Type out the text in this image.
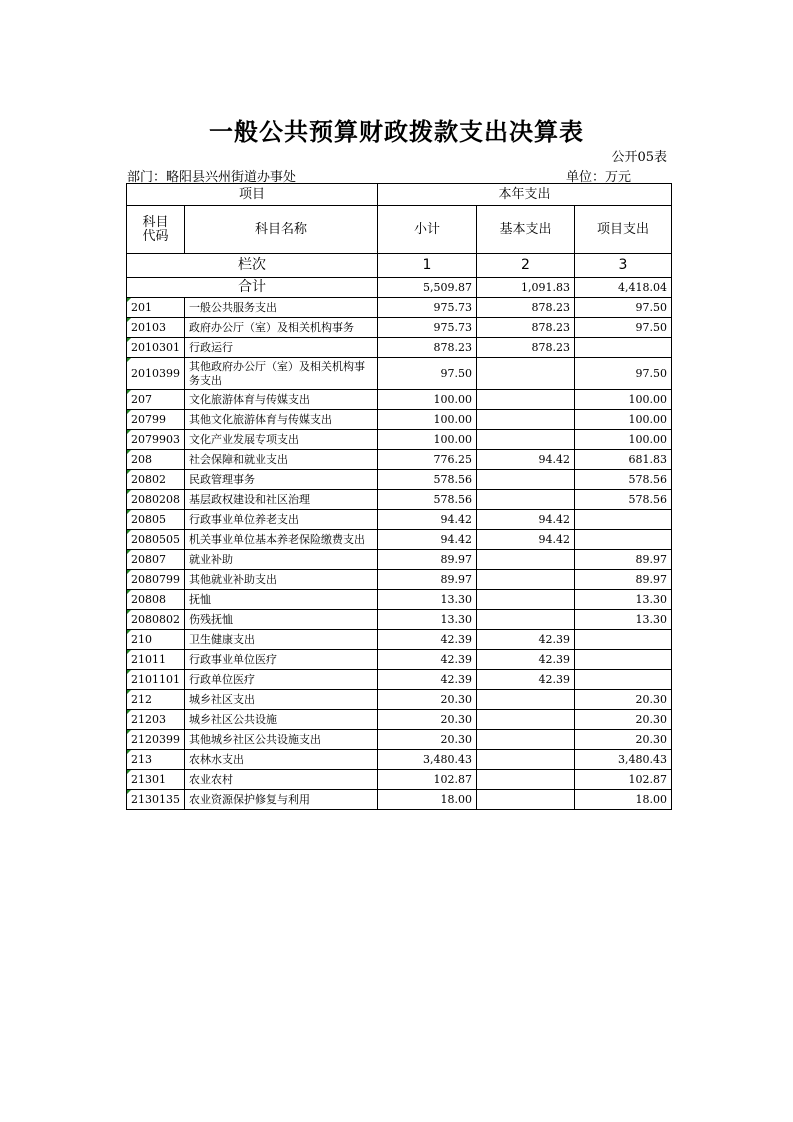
一般公共预算财政拨款支出决算表
公开05表
部门：略阳县兴州街道办事处	单位：万元
项目		本年支出		
科目代码	科目名称	小计	基本支出	项目支出
栏次		1	2	3
合计		5,509.87	1,091.83	4,418.04
201	一般公共服务支出	975.73	878.23	97.50
20103	政府办公厅（室）及相关机构事务	975.73	878.23	97.50
2010301	行政运行	878.23	878.23	
2010399	其他政府办公厅（室）及相关机构事务支出	97.50		97.50
207	文化旅游体育与传媒支出	100.00		100.00
20799	其他文化旅游体育与传媒支出	100.00		100.00
2079903	文化产业发展专项支出	100.00		100.00
208	社会保障和就业支出	776.25	94.42	681.83
20802	民政管理事务	578.56		578.56
2080208	基层政权建设和社区治理	578.56		578.56
20805	行政事业单位养老支出	94.42	94.42	
2080505	机关事业单位基本养老保险缴费支出	94.42	94.42	
20807	就业补助	89.97		89.97
2080799	其他就业补助支出	89.97		89.97
20808	抚恤	13.30		13.30
2080802	伤残抚恤	13.30		13.30
210	卫生健康支出	42.39	42.39	
21011	行政事业单位医疗	42.39	42.39	
2101101	行政单位医疗	42.39	42.39	
212	城乡社区支出	20.30		20.30
21203	城乡社区公共设施	20.30		20.30
2120399	其他城乡社区公共设施支出	20.30		20.30
213	农林水支出	3,480.43		3,480.43
21301	农业农村	102.87		102.87
2130135	农业资源保护修复与利用	18.00		18.00
